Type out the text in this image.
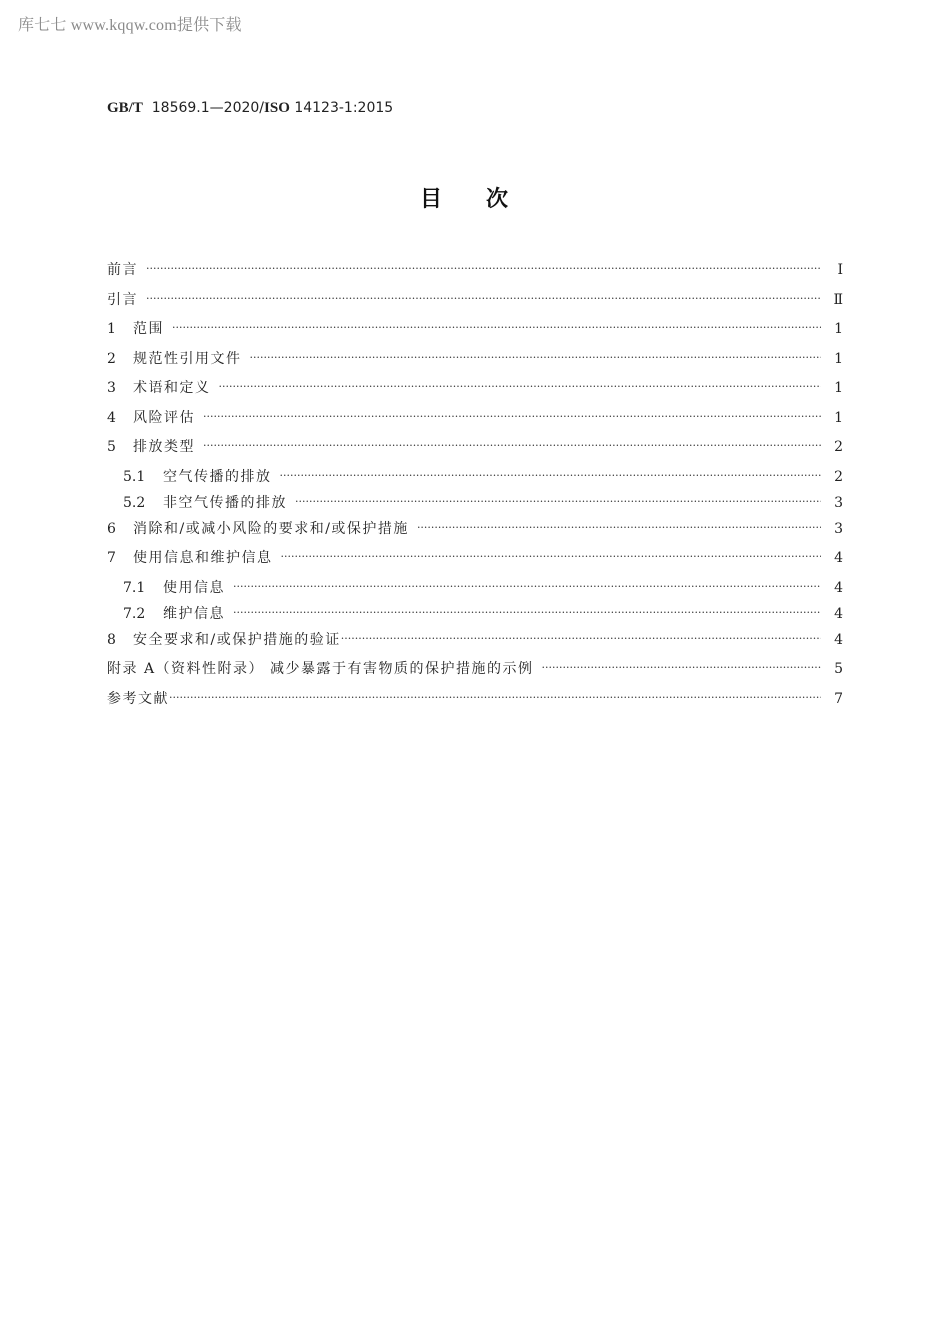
库七七 www.kqqw.com提供下载
GB/T 18569.1—2020/ISO 14123-1:2015
目次
前言 ·····	Ⅰ
引言 ·····	Ⅱ
1	范围 ·····	1
2	规范性引用文件 ·····	1
3	术语和定义 ·····	1
4	风险评估 ·····	1
5	排放类型 ·····	2
5.1	空气传播的排放 ·····	2
5.2	非空气传播的排放 ·····	3
6	消除和/或减小风险的要求和/或保护措施 ·····	3
7	使用信息和维护信息 ·····	4
7.1	使用信息 ·····	4
7.2	维护信息 ·····	4
8	安全要求和/或保护措施的验证 ·····	4
附录 A（资料性附录） 减少暴露于有害物质的保护措施的示例 ·····	5
参考文献 ·····	7
